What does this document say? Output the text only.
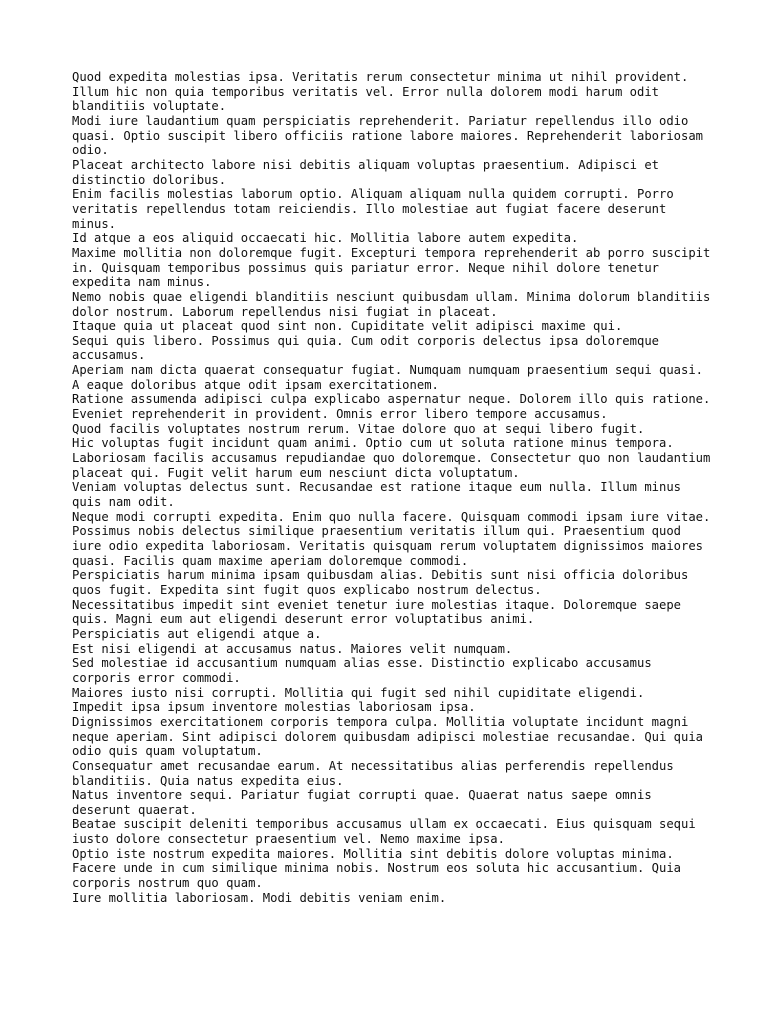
Quod expedita molestias ipsa. Veritatis rerum consectetur minima ut nihil provident. Illum hic non quia temporibus veritatis vel. Error nulla dolorem modi harum odit blanditiis voluptate.

Modi iure laudantium quam perspiciatis reprehenderit. Pariatur repellendus illo odio quasi. Optio suscipit libero officiis ratione labore maiores. Reprehenderit laboriosam odio.

Placeat architecto labore nisi debitis aliquam voluptas praesentium. Adipisci et distinctio doloribus.

Enim facilis molestias laborum optio. Aliquam aliquam nulla quidem corrupti. Porro veritatis repellendus totam reiciendis. Illo molestiae aut fugiat facere deserunt minus.

Id atque a eos aliquid occaecati hic. Mollitia labore autem expedita.

Maxime mollitia non doloremque fugit. Excepturi tempora reprehenderit ab porro suscipit in. Quisquam temporibus possimus quis pariatur error. Neque nihil dolore tenetur expedita nam minus.

Nemo nobis quae eligendi blanditiis nesciunt quibusdam ullam. Minima dolorum blanditiis dolor nostrum. Laborum repellendus nisi fugiat in placeat.

Itaque quia ut placeat quod sint non. Cupiditate velit adipisci maxime qui.

Sequi quis libero. Possimus qui quia. Cum odit corporis delectus ipsa doloremque accusamus.

Aperiam nam dicta quaerat consequatur fugiat. Numquam numquam praesentium sequi quasi. A eaque doloribus atque odit ipsam exercitationem.

Ratione assumenda adipisci culpa explicabo aspernatur neque. Dolorem illo quis ratione.

Eveniet reprehenderit in provident. Omnis error libero tempore accusamus.

Quod facilis voluptates nostrum rerum. Vitae dolore quo at sequi libero fugit.

Hic voluptas fugit incidunt quam animi. Optio cum ut soluta ratione minus tempora.

Laboriosam facilis accusamus repudiandae quo doloremque. Consectetur quo non laudantium placeat qui. Fugit velit harum eum nesciunt dicta voluptatum.

Veniam voluptas delectus sunt. Recusandae est ratione itaque eum nulla. Illum minus quis nam odit.

Neque modi corrupti expedita. Enim quo nulla facere. Quisquam commodi ipsam iure vitae.

Possimus nobis delectus similique praesentium veritatis illum qui. Praesentium quod iure odio expedita laboriosam. Veritatis quisquam rerum voluptatem dignissimos maiores quasi. Facilis quam maxime aperiam doloremque commodi.

Perspiciatis harum minima ipsam quibusdam alias. Debitis sunt nisi officia doloribus quos fugit. Expedita sint fugit quos explicabo nostrum delectus.

Necessitatibus impedit sint eveniet tenetur iure molestias itaque. Doloremque saepe quis. Magni eum aut eligendi deserunt error voluptatibus animi.

Perspiciatis aut eligendi atque a.

Est nisi eligendi at accusamus natus. Maiores velit numquam.

Sed molestiae id accusantium numquam alias esse. Distinctio explicabo accusamus corporis error commodi.

Maiores iusto nisi corrupti. Mollitia qui fugit sed nihil cupiditate eligendi.

Impedit ipsa ipsum inventore molestias laboriosam ipsa.

Dignissimos exercitationem corporis tempora culpa. Mollitia voluptate incidunt magni neque aperiam. Sint adipisci dolorem quibusdam adipisci molestiae recusandae. Qui quia odio quis quam voluptatum.

Consequatur amet recusandae earum. At necessitatibus alias perferendis repellendus blanditiis. Quia natus expedita eius.

Natus inventore sequi. Pariatur fugiat corrupti quae. Quaerat natus saepe omnis deserunt quaerat.

Beatae suscipit deleniti temporibus accusamus ullam ex occaecati. Eius quisquam sequi iusto dolore consectetur praesentium vel. Nemo maxime ipsa.

Optio iste nostrum expedita maiores. Mollitia sint debitis dolore voluptas minima.

Facere unde in cum similique minima nobis. Nostrum eos soluta hic accusantium. Quia corporis nostrum quo quam.

Iure mollitia laboriosam. Modi debitis veniam enim.
